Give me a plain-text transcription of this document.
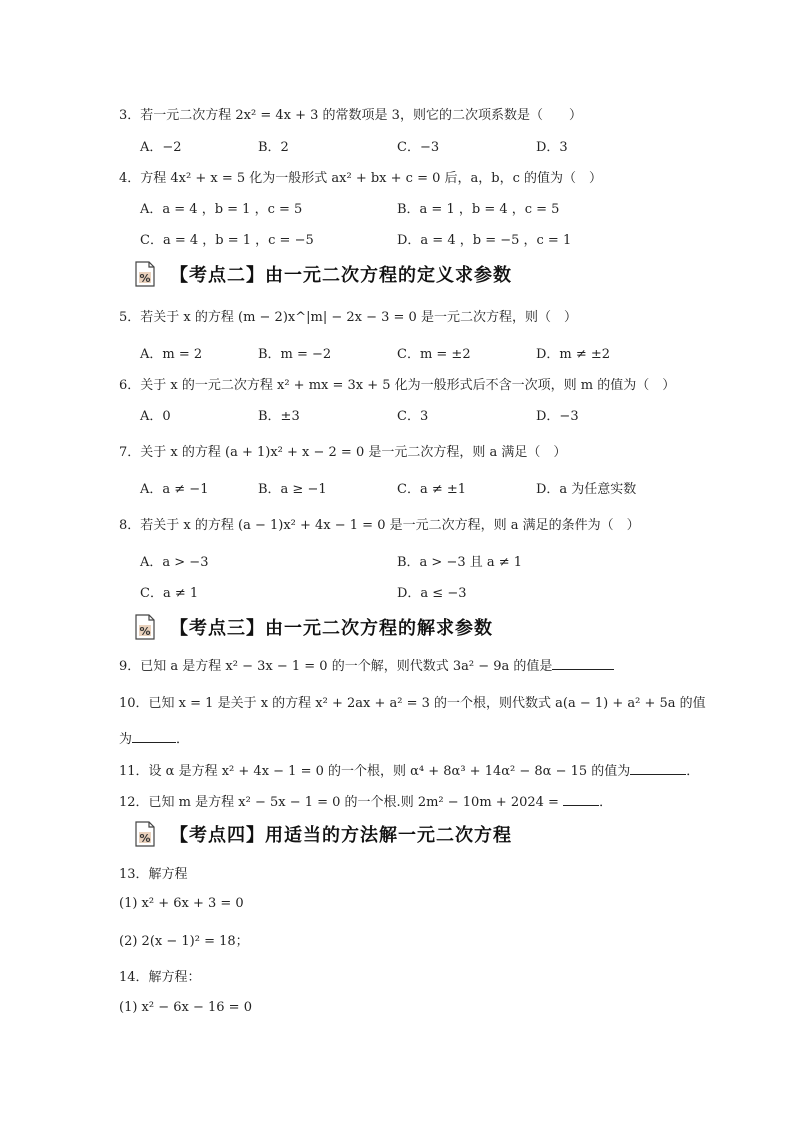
3．若一元二次方程 2x² = 4x + 3 的常数项是 3，则它的二次项系数是（　　）
A．−2	B．2	C．−3	D．3
4．方程 4x² + x = 5 化为一般形式 ax² + bx + c = 0 后，a，b，c 的值为（　）
A．a = 4 ，b = 1 ，c = 5	B．a = 1 ，b = 4 ，c = 5
C．a = 4 ，b = 1 ，c = −5	D．a = 4 ，b = −5 ，c = 1
% 【考点二】由一元二次方程的定义求参数
5．若关于 x 的方程 (m − 2)x^|m| − 2x − 3 = 0 是一元二次方程，则（　）
A．m = 2	B．m = −2	C．m = ±2	D．m ≠ ±2
6．关于 x 的一元二次方程 x² + mx = 3x + 5 化为一般形式后不含一次项，则 m 的值为（　）
A．0	B．±3	C．3	D．−3
7．关于 x 的方程 (a + 1)x² + x − 2 = 0 是一元二次方程，则 a 满足（　）
A．a ≠ −1	B．a ≥ −1	C．a ≠ ±1	D．a 为任意实数
8．若关于 x 的方程 (a − 1)x² + 4x − 1 = 0 是一元二次方程，则 a 满足的条件为（　）
A．a > −3	B．a > −3 且 a ≠ 1
C．a ≠ 1	D．a ≤ −3
% 【考点三】由一元二次方程的解求参数
9．已知 a 是方程 x² − 3x − 1 = 0 的一个解，则代数式 3a² − 9a 的值是
10．已知 x = 1 是关于 x 的方程 x² + 2ax + a² = 3 的一个根，则代数式 a(a − 1) + a² + 5a 的值
为	．
11．设 α 是方程 x² + 4x − 1 = 0 的一个根，则 α⁴ + 8α³ + 14α² − 8α − 15 的值为	．
12．已知 m 是方程 x² − 5x − 1 = 0 的一个根.则 2m² − 10m + 2024 =	．
% 【考点四】用适当的方法解一元二次方程
13．解方程
(1) x² + 6x + 3 = 0
(2) 2(x − 1)² = 18；
14．解方程：
(1) x² − 6x − 16 = 0
